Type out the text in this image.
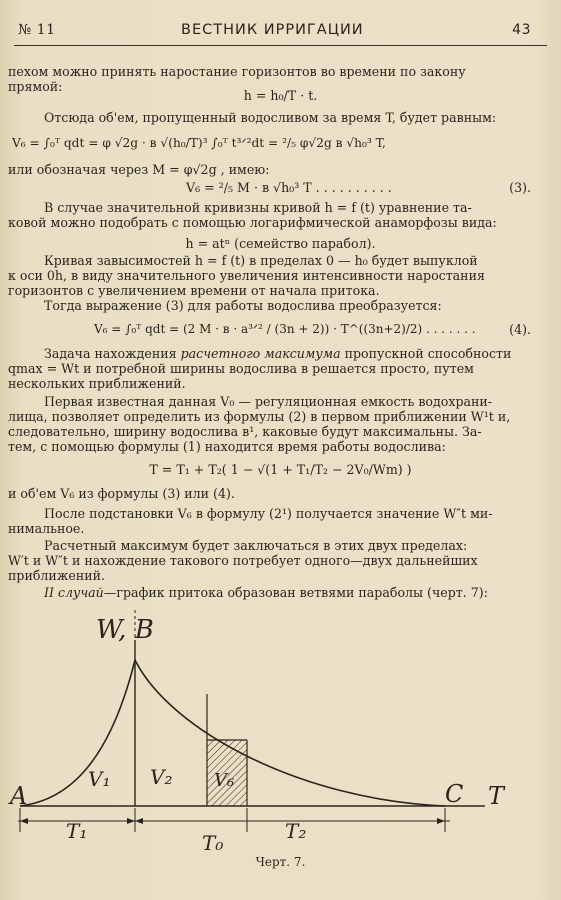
№ 11	ВЕСТНИК ИРРИГАЦИИ	43
пехом можно принять наростание горизонтов во времени по закону
прямой:
h = h₀/T · t.
Отсюда об'ем, пропущенный водосливом за время T, будет равным:
V₆ = ∫₀ᵀ qdt = φ √2g · в √(h₀/T)³ ∫₀ᵀ t³ᐟ²dt = ²/₅ φ√2g в √h₀³ T,
или обозначая через M = φ√2g , имею:
V₆ = ²/₅ M · в √h₀³ T . . . . . . . . . .	(3).
В случае значительной кривизны кривой h = f (t) уравнение та-
ковой можно подобрать с помощью логарифмической анаморфозы вида:
h = atⁿ (семейство парабол).
Кривая завысимостей h = f (t) в пределах 0 — h₀ будет выпуклой
к оси 0h, в виду значительного увеличения интенсивности наростания
горизонтов с увеличением времени от начала притока.
Тогда выражение (3) для работы водослива преобразуется:
V₆ = ∫₀ᵀ qdt = (2 M · в · a³ᐟ² / (3n + 2)) · T^((3n+2)/2) . . . . . . .	(4).
Задача нахождения расчетного максимума пропускной способности
qmax = Wt и потребной ширины водослива в решается просто, путем
нескольких приближений.
Первая известная данная V₀ — регуляционная емкость водохрани-
лища, позволяет определить из формулы (2) в первом приближении W¹t и,
следовательно, ширину водослива в¹, каковые будут максимальны. За-
тем, с помощью формулы (1) находится время работы водослива:
T = T₁ + T₂( 1 − √(1 + T₁/T₂ − 2V₀/Wm) )
и об'ем V₆ из формулы (3) или (4).
После подстановки V₆ в формулу (2¹) получается значение W″t ми-
нимальное.
Расчетный максимум будет заключаться в этих двух пределах:
W′t и W″t и нахождение такового потребует одного—двух дальнейших
приближений.
II случай—график притока образован ветвями параболы (черт. 7):
W, B
A	C T
V₁ V₂ V₆
T₁	T₀	T₂
Черт. 7.
